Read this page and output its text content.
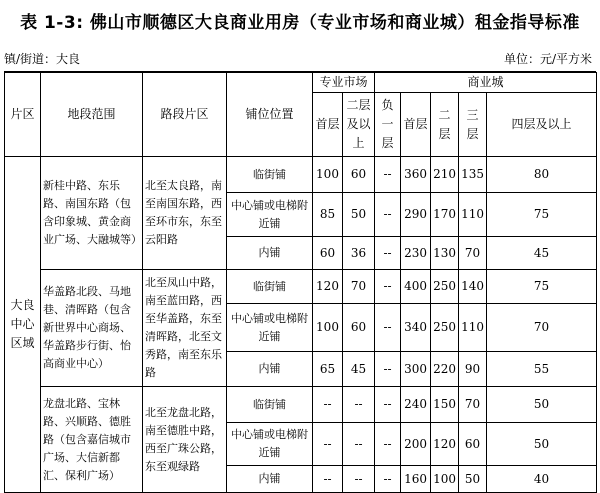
表 1-3: 佛山市顺德区大良商业用房（专业市场和商业城）租金指导标准
镇/街道：大良	单位：元/平方米
片区	地段范围	路段片区	铺位位置	专业市场		商业城				
				首层	二层及以上	负一层	首层	二层	三层	四层及以上
大良中心区域	新桂中路、东乐路、南国东路（包含印象城、黄金商业广场、大融城等）	北至太良路，南至南国东路，西至环市东，东至云阳路	临街铺	100	60	--	360	210	135	80
			中心铺或电梯附近铺	85	50	--	290	170	110	75
			内铺	60	36	--	230	130	70	45
	华盖路北段、马地巷、清晖路（包含新世界中心商场、华盖路步行街、怡高商业中心）	北至凤山中路，南至蓝田路，西至华盖路，东至清晖路，北至文秀路，南至东乐路	临街铺	120	70	--	400	250	140	75
			中心铺或电梯附近铺	100	60	--	340	250	110	70
			内铺	65	45	--	300	220	90	55
	龙盘北路、宝林路、兴顺路、德胜路（包含嘉信城市广场、大信新都汇、保利广场）	北至龙盘北路，南至德胜中路，西至广珠公路，东至观绿路	临街铺	--	--	--	240	150	70	50
			中心铺或电梯附近铺	--	--	--	200	120	60	50
			内铺	--	--	--	160	100	50	40
